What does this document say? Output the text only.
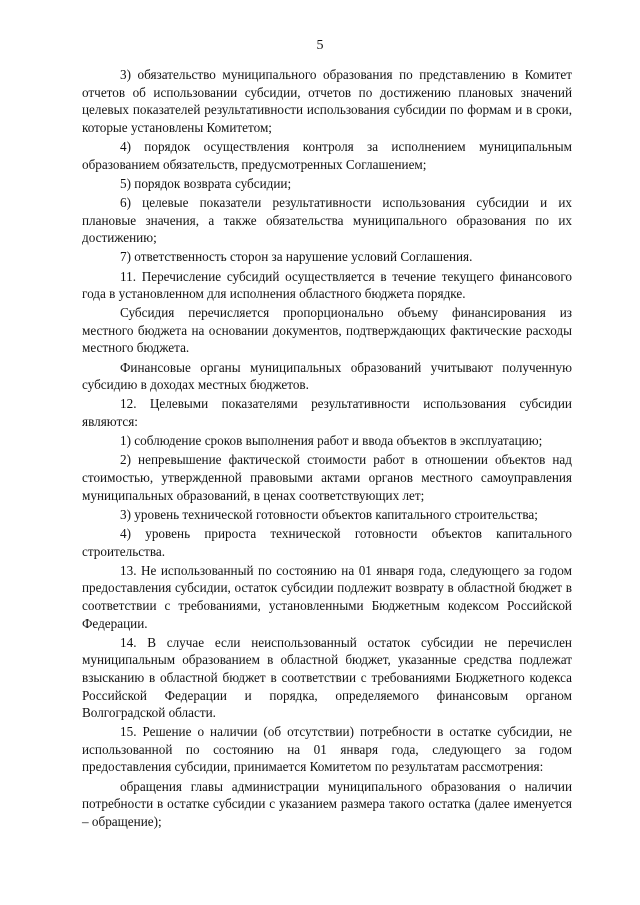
5

3) обязательство муниципального образования по представлению в Комитет отчетов об использовании субсидии, отчетов по достижению плановых значений целевых показателей результативности использования субсидии по формам и в сроки, которые установлены Комитетом;

4) порядок осуществления контроля за исполнением муниципальным образованием обязательств, предусмотренных Соглашением;

5) порядок возврата субсидии;

6) целевые показатели результативности использования субсидии и их плановые значения, а также обязательства муниципального образования по их достижению;

7) ответственность сторон за нарушение условий Соглашения.

11. Перечисление субсидий осуществляется в течение текущего финансового года в установленном для исполнения областного бюджета порядке.

Субсидия перечисляется пропорционально объему финансирования из местного бюджета на основании документов, подтверждающих фактические расходы местного бюджета.

Финансовые органы муниципальных образований учитывают полученную субсидию в доходах местных бюджетов.

12. Целевыми показателями результативности использования субсидии являются:

1) соблюдение сроков выполнения работ и ввода объектов в эксплуатацию;

2) непревышение фактической стоимости работ в отношении объектов над стоимостью, утвержденной правовыми актами органов местного самоуправления муниципальных образований, в ценах соответствующих лет;

3) уровень технической готовности объектов капитального строительства;

4) уровень прироста технической готовности объектов капитального строительства.

13. Не использованный по состоянию на 01 января года, следующего за годом предоставления субсидии, остаток субсидии подлежит возврату в областной бюджет в соответствии с требованиями, установленными Бюджетным кодексом Российской Федерации.

14. В случае если неиспользованный остаток субсидии не перечислен муниципальным образованием в областной бюджет, указанные средства подлежат взысканию в областной бюджет в соответствии с требованиями Бюджетного кодекса Российской Федерации и порядка, определяемого финансовым органом Волгоградской области.

15. Решение о наличии (об отсутствии) потребности в остатке субсидии, не использованной по состоянию на 01 января года, следующего за годом предоставления субсидии, принимается Комитетом по результатам рассмотрения:

обращения главы администрации муниципального образования о наличии потребности в остатке субсидии с указанием размера такого остатка (далее именуется – обращение);
